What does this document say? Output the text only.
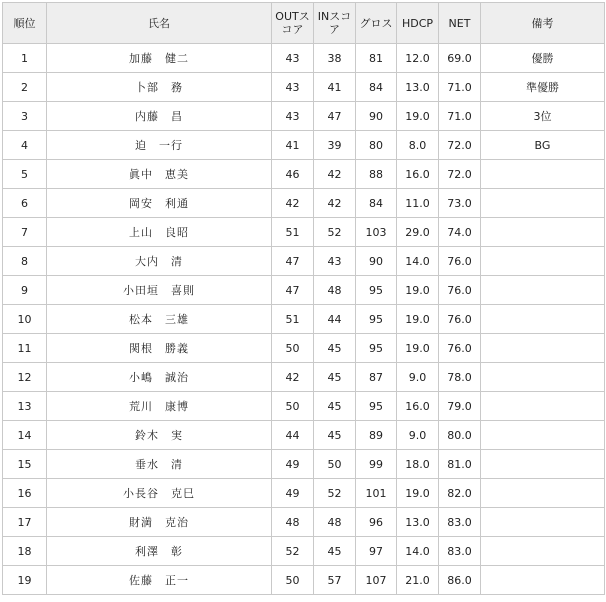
順位	氏名	OUTスコア	INスコア	グロス	HDCP	NET	備考
1	加藤　健二	43	38	81	12.0	69.0	優勝
2	卜部　務	43	41	84	13.0	71.0	準優勝
3	内藤　昌	43	47	90	19.0	71.0	3位
4	迫　一行	41	39	80	8.0	72.0	BG
5	眞中　恵美	46	42	88	16.0	72.0	
6	岡安　利通	42	42	84	11.0	73.0	
7	上山　良昭	51	52	103	29.0	74.0	
8	大内　清	47	43	90	14.0	76.0	
9	小田垣　喜則	47	48	95	19.0	76.0	
10	松本　三雄	51	44	95	19.0	76.0	
11	関根　勝義	50	45	95	19.0	76.0	
12	小嶋　誠治	42	45	87	9.0	78.0	
13	荒川　康博	50	45	95	16.0	79.0	
14	鈴木　実	44	45	89	9.0	80.0	
15	垂水　清	49	50	99	18.0	81.0	
16	小長谷　克巳	49	52	101	19.0	82.0	
17	財満　克治	48	48	96	13.0	83.0	
18	利澤　彰	52	45	97	14.0	83.0	
19	佐藤　正一	50	57	107	21.0	86.0	
